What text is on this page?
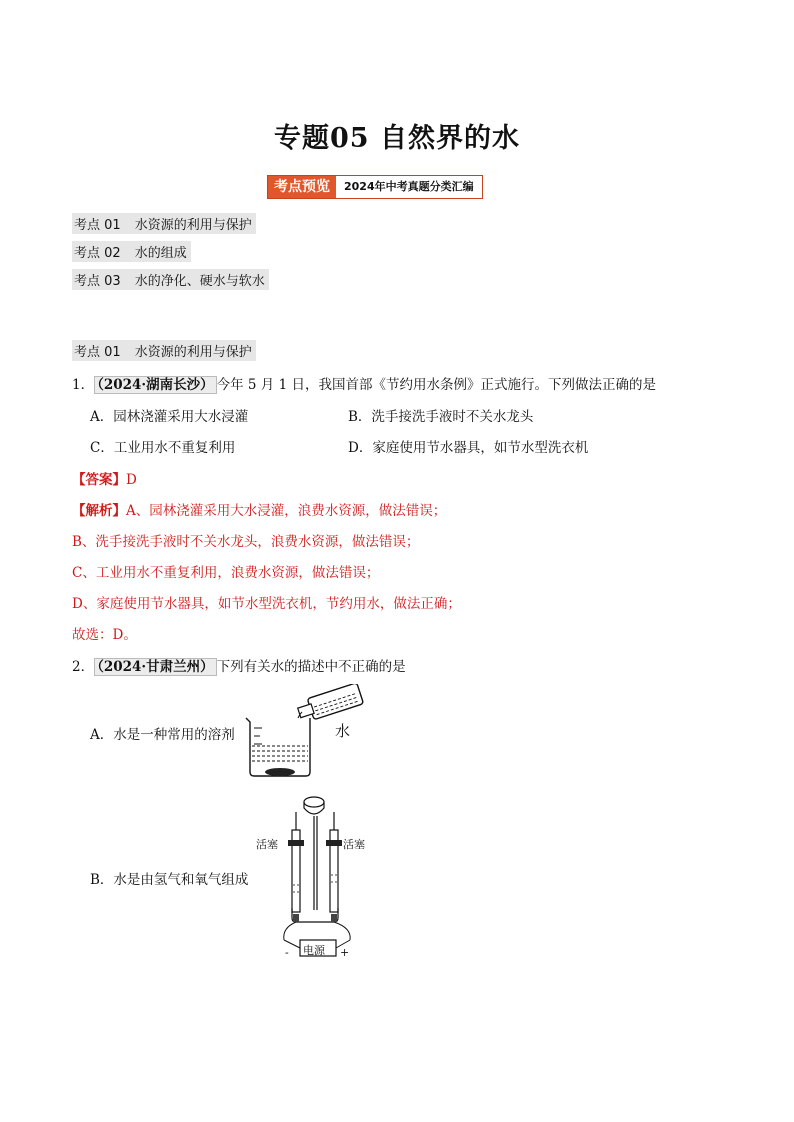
专题05 自然界的水
考点预览	2024年中考真题分类汇编
考点 01 水资源的利用与保护
考点 02 水的组成
考点 03 水的净化、硬水与软水
考点 01 水资源的利用与保护
1． （2024·湖南长沙） 今年 5 月 1 日，我国首部《节约用水条例》正式施行。下列做法正确的是
A．园林浇灌采用大水浸灌	B．洗手接洗手液时不关水龙头
C．工业用水不重复利用	D．家庭使用节水器具，如节水型洗衣机
【答案】D
【解析】A、园林浇灌采用大水浸灌，浪费水资源，做法错误；
B、洗手接洗手液时不关水龙头，浪费水资源，做法错误；
C、工业用水不重复利用，浪费水资源，做法错误；
D、家庭使用节水器具，如节水型洗衣机，节约用水，做法正确；
故选：D。
2． （2024·甘肃兰州） 下列有关水的描述中不正确的是
A．水是一种常用的溶剂	水
B．水是由氢气和氧气组成
活塞	活塞
电源
-	+
